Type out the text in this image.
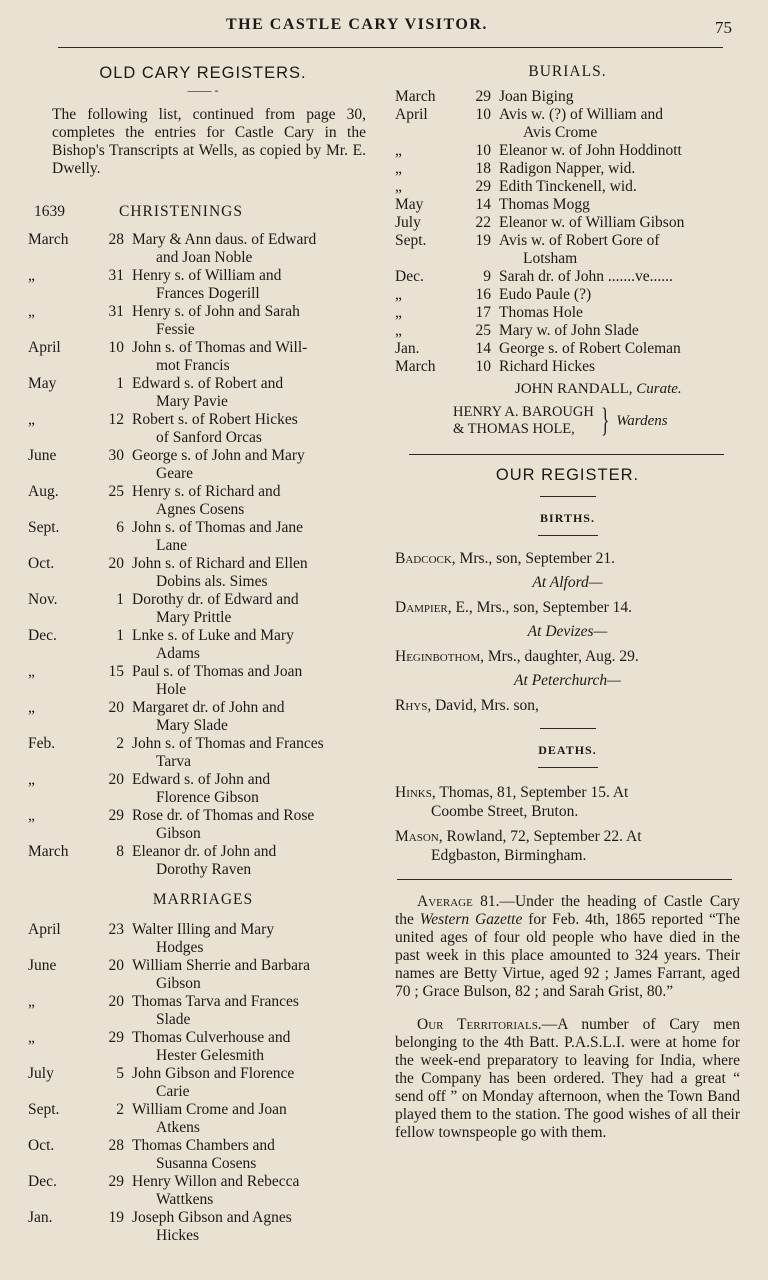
THE CASTLE CARY VISITOR.	75
OLD CARY REGISTERS.
—— -
The following list, continued from page 30, completes the entries for Castle Cary in the Bishop's Transcripts at Wells, as copied by Mr. E. Dwelly.
1639	CHRISTENINGS
March	28 Mary & Ann daus. of Edward
and Joan Noble
„	31 Henry s. of William and
Frances Dogerill
„	31 Henry s. of John and Sarah
Fessie
April	10 John s. of Thomas and Will-
mot Francis
May	1 Edward s. of Robert and
Mary Pavie
„	12 Robert s. of Robert Hickes
of Sanford Orcas
June	30 George s. of John and Mary
Geare
Aug.	25 Henry s. of Richard and
Agnes Cosens
Sept.	6 John s. of Thomas and Jane
Lane
Oct.	20 John s. of Richard and Ellen
Dobins als. Simes
Nov.	1 Dorothy dr. of Edward and
Mary Prittle
Dec.	1 Lnke s. of Luke and Mary
Adams
„	15 Paul s. of Thomas and Joan
Hole
„	20 Margaret dr. of John and
Mary Slade
Feb.	2 John s. of Thomas and Frances
Tarva
„	20 Edward s. of John and
Florence Gibson
„	29 Rose dr. of Thomas and Rose
Gibson
March	8 Eleanor dr. of John and
Dorothy Raven
MARRIAGES
April	23 Walter Illing and Mary
Hodges
June	20 William Sherrie and Barbara
Gibson
„	20 Thomas Tarva and Frances
Slade
„	29 Thomas Culverhouse and
Hester Gelesmith
July	5 John Gibson and Florence
Carie
Sept.	2 William Crome and Joan
Atkens
Oct.	28 Thomas Chambers and
Susanna Cosens
Dec.	29 Henry Willon and Rebecca
Wattkens
Jan.	19 Joseph Gibson and Agnes
Hickes
BURIALS.
March	29 Joan Biging
April	10 Avis w. (?) of William and
Avis Crome
„	10 Eleanor w. of John Hoddinott
„	18 Radigon Napper, wid.
„	29 Edith Tinckenell, wid.
May	14 Thomas Mogg
July	22 Eleanor w. of William Gibson
Sept.	19 Avis w. of Robert Gore of
Lotsham
Dec.	9 Sarah dr. of John .......ve......
„	16 Eudo Paule (?)
„	17 Thomas Hole
„	25 Mary w. of John Slade
Jan.	14 George s. of Robert Coleman
March	10 Richard Hickes
JOHN RANDALL, Curate.
HENRY A. BAROUGH
& THOMAS HOLE, } Wardens
OUR REGISTER.
BIRTHS.
Badcock, Mrs., son, September 21.
At Alford—
Dampier, E., Mrs., son, September 14.
At Devizes—
Heginbothom, Mrs., daughter, Aug. 29.
At Peterchurch—
Rhys, David, Mrs. son,
DEATHS.
Hinks, Thomas, 81, September 15. At
Coombe Street, Bruton.
Mason, Rowland, 72, September 22. At
Edgbaston, Birmingham.
Average 81.—Under the heading of Castle Cary the Western Gazette for Feb. 4th, 1865 reported “The united ages of four old people who have died in the past week in this place amounted to 324 years. Their names are Betty Virtue, aged 92 ; James Farrant, aged 70 ; Grace Bulson, 82 ; and Sarah Grist, 80.”
Our Territorials.—A number of Cary men belonging to the 4th Batt. P.A.S.L.I. were at home for the week-end preparatory to leaving for India, where the Company has been ordered. They had a great “ send off ” on Monday afternoon, when the Town Band played them to the station. The good wishes of all their fellow townspeople go with them.
